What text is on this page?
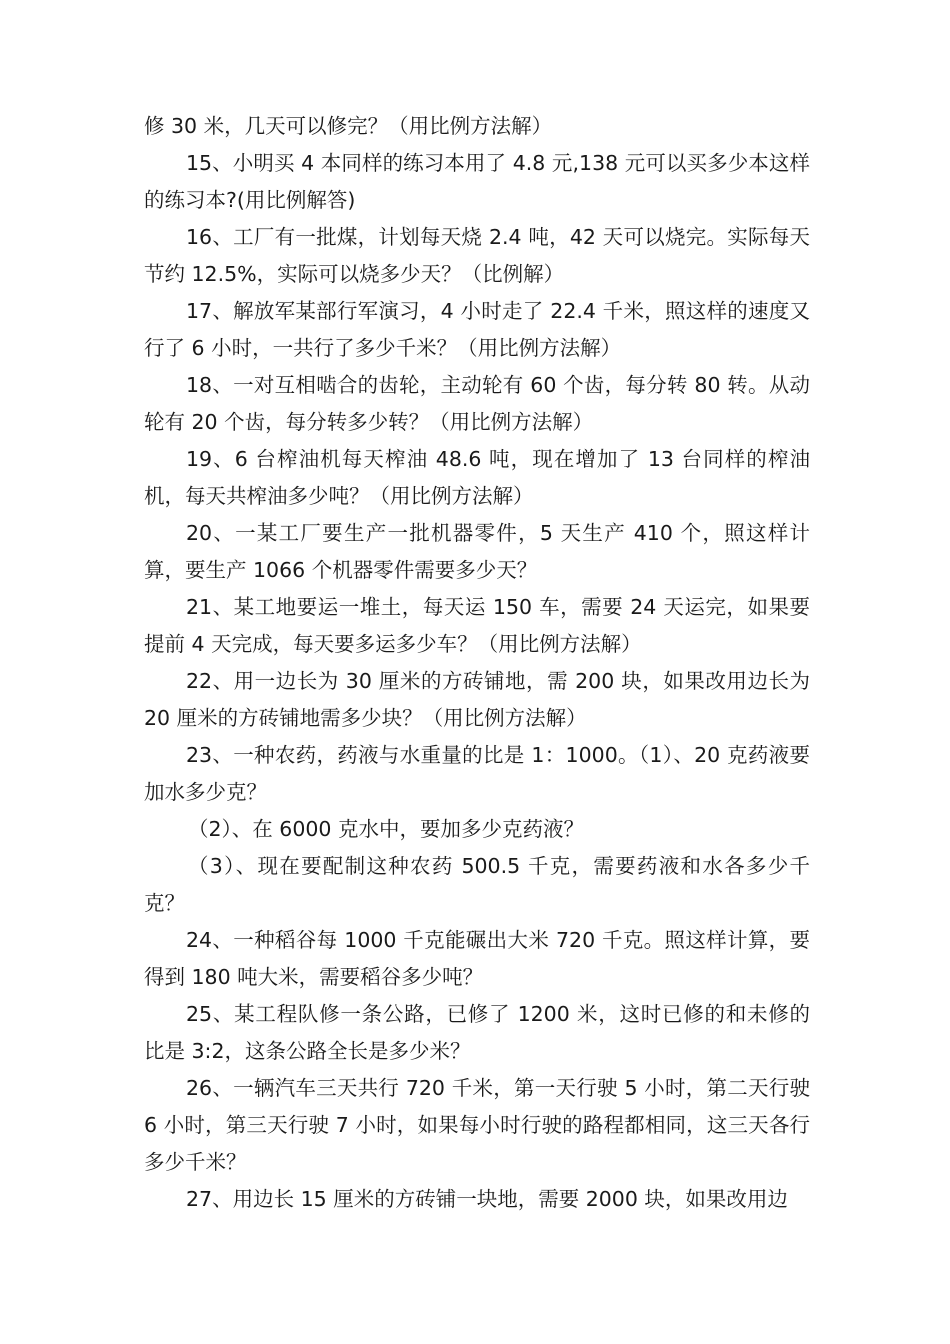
修 30 米，几天可以修完？（用比例方法解）

15、小明买 4 本同样的练习本用了 4.8 元,138 元可以买多少本这样的练习本?(用比例解答)

16、工厂有一批煤，计划每天烧 2.4 吨，42 天可以烧完。实际每天节约 12.5%，实际可以烧多少天？（比例解）

17、解放军某部行军演习，4 小时走了 22.4 千米，照这样的速度又行了 6 小时，一共行了多少千米？（用比例方法解）

18、一对互相啮合的齿轮，主动轮有 60 个齿，每分转 80 转。从动轮有 20 个齿，每分转多少转？（用比例方法解）

19、6 台榨油机每天榨油 48.6 吨，现在增加了 13 台同样的榨油机，每天共榨油多少吨？（用比例方法解）

20、一某工厂要生产一批机器零件，5 天生产 410 个，照这样计算，要生产 1066 个机器零件需要多少天？

21、某工地要运一堆土，每天运 150 车，需要 24 天运完，如果要提前 4 天完成，每天要多运多少车？（用比例方法解）

22、用一边长为 30 厘米的方砖铺地，需 200 块，如果改用边长为 20 厘米的方砖铺地需多少块？（用比例方法解）

23、一种农药，药液与水重量的比是 1：1000。（1）、20 克药液要加水多少克？

（2）、在 6000 克水中，要加多少克药液？

（3）、现在要配制这种农药 500.5 千克，需要药液和水各多少千克？

24、一种稻谷每 1000 千克能碾出大米 720 千克。照这样计算，要得到 180 吨大米，需要稻谷多少吨？

25、某工程队修一条公路，已修了 1200 米，这时已修的和未修的比是 3:2，这条公路全长是多少米？

26、一辆汽车三天共行 720 千米，第一天行驶 5 小时，第二天行驶 6 小时，第三天行驶 7 小时，如果每小时行驶的路程都相同，这三天各行多少千米？

27、用边长 15 厘米的方砖铺一块地，需要 2000 块，如果改用边
